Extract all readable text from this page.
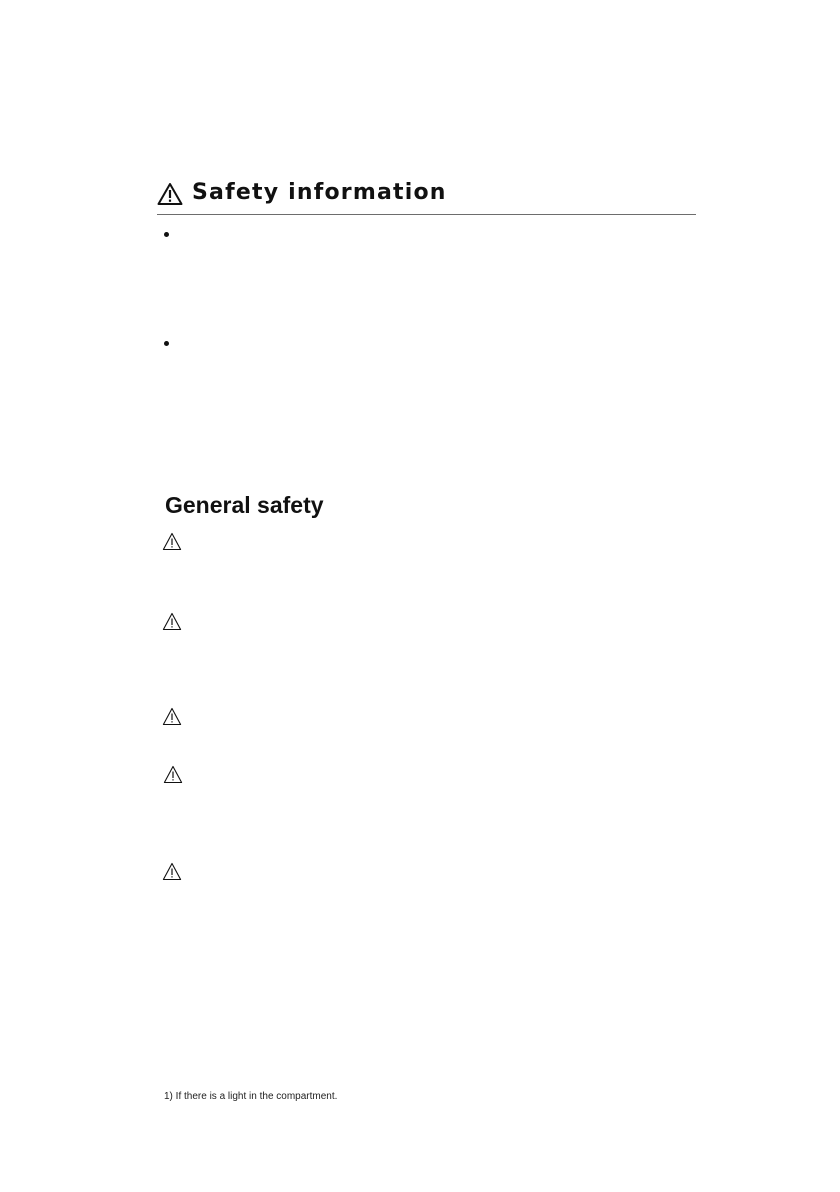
Safety information
General safety
1) If there is a light in the compartment.
